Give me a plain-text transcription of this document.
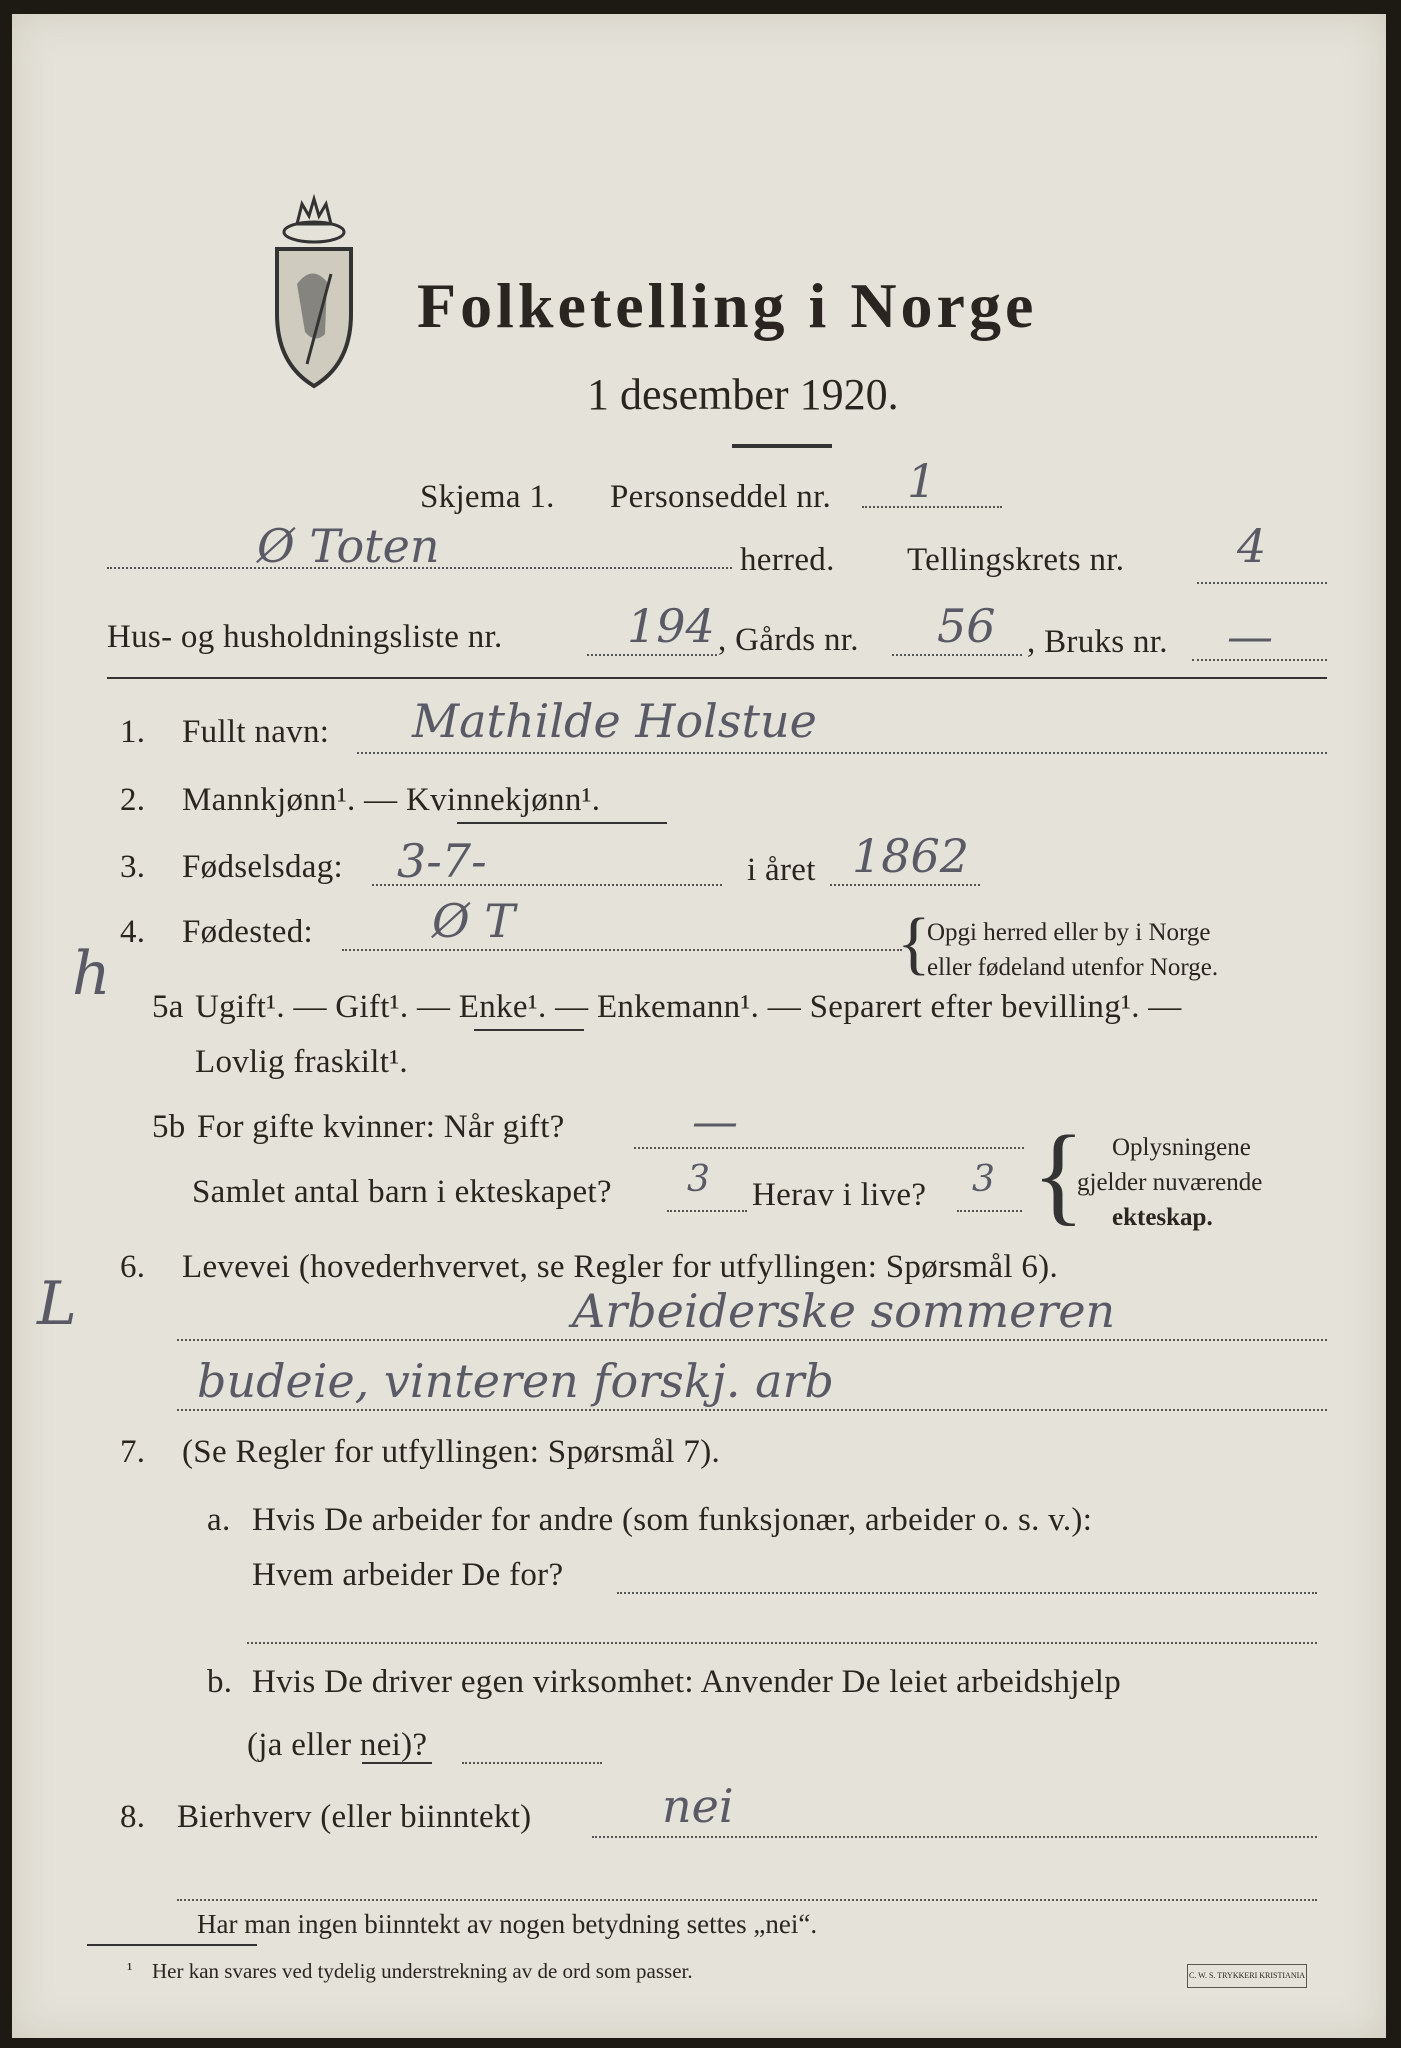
Folketelling i Norge
1 desember 1920.
Skjema 1. Personseddel nr. 1
Ø Toten	herred. Tellingskrets nr. 4
Hus- og husholdningsliste nr.	194 , Gårds nr. 56 , Bruks nr. —
1. Fullt navn: Mathilde Holstue
2. Mannkjønn¹. — Kvinnekjønn¹.
3. Fødselsdag: 3-7-	i året 1862
4. Fødested:	Ø T	{
Opgi herred eller by i Norge
eller fødeland utenfor Norge.
h 5a Ugift¹. — Gift¹. — Enke¹. — Enkemann¹. — Separert efter bevilling¹. —
Lovlig fraskilt¹.
5b For gifte kvinner: Når gift?	—
Samlet antal barn i ekteskapet? 3 Herav i live? 3 { Oplysningene
gjelder nuværende
ekteskap.
6. Levevei (hovederhvervet, se Regler for utfyllingen: Spørsmål 6).
L	Arbeiderske sommeren
budeie, vinteren forskj. arb
7. (Se Regler for utfyllingen: Spørsmål 7).
a. Hvis De arbeider for andre (som funksjonær, arbeider o. s. v.):
Hvem arbeider De for?
b. Hvis De driver egen virksomhet: Anvender De leiet arbeidshjelp
(ja eller nei)?
8. Bierhverv (eller biinntekt)	nei
Har man ingen biinntekt av nogen betydning settes „nei“.
¹ Her kan svares ved tydelig understrekning av de ord som passer.	C. W. S. TRYKKERI KRISTIANIA
